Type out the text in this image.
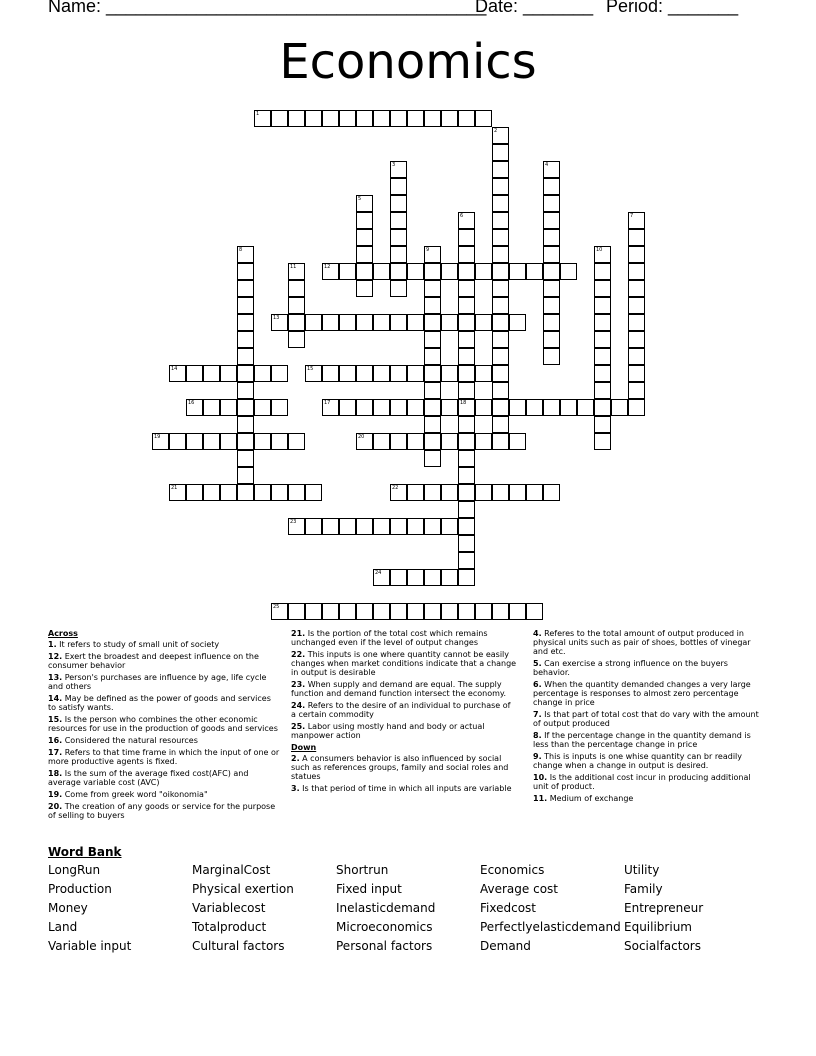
Name: ______________________________________
Date: _______ Period: _______
Economics
1
12
13
14	15
16	17	18
19	20
21	22
23
24
25
2
3	4
5
6	7
8	9	10
11
Across
1. It refers to study of small unit of society
12. Exert the broadest and deepest influence on the consumer behavior
13. Person's purchases are influence by age, life cycle and others
14. May be defined as the power of goods and services to satisfy wants.
15. Is the person who combines the other economic resources for use in the production of goods and services
16. Considered the natural resources
17. Refers to that time frame in which the input of one or more productive agents is fixed.
18. Is the sum of the average fixed cost(AFC) and average variable cost (AVC)
19. Come from greek word "oikonomia"
20. The creation of any goods or service for the purpose of selling to buyers
21. Is the portion of the total cost which remains unchanged even if the level of output changes
22. This inputs is one where quantity cannot be easily changes when market conditions indicate that a change in output is desirable
23. When supply and demand are equal. The supply function and demand function intersect the economy.
24. Refers to the desire of an individual to purchase of a certain commodity
25. Labor using mostly hand and body or actual manpower action
Down
2. A consumers behavior is also influenced by social such as references groups, family and social roles and statues
3. Is that period of time in which all inputs are variable
4. Referes to the total amount of output produced in physical units such as pair of shoes, bottles of vinegar and etc.
5. Can exercise a strong influence on the buyers behavior.
6. When the quantity demanded changes a very large percentage is responses to almost zero percentage change in price
7. Is that part of total cost that do vary with the amount of output produced
8. If the percentage change in the quantity demand is less than the percentage change in price
9. This is inputs is one whise quantity can br readily change when a change in output is desired.
10. Is the additional cost incur in producing additional unit of product.
11. Medium of exchange
Word Bank
LongRun
Production
Money
Land
Variable input
MarginalCost
Physical exertion
Variablecost
Totalproduct
Cultural factors
Shortrun
Fixed input
Inelasticdemand
Microeconomics
Personal factors
Economics
Average cost
Fixedcost
Perfectlyelasticdemand
Demand
Utility
Family
Entrepreneur
Equilibrium
Socialfactors
